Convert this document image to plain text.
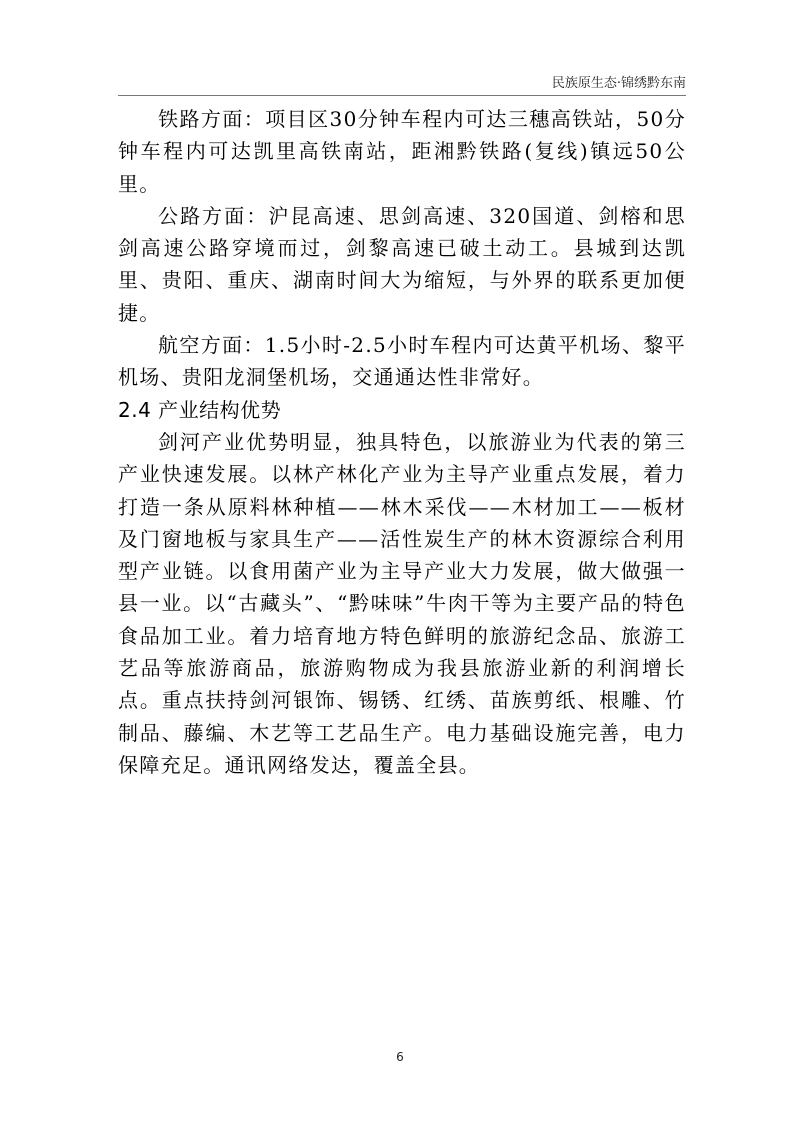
民族原生态·锦绣黔东南

铁路方面：项目区30分钟车程内可达三穗高铁站，50分钟车程内可达凯里高铁南站，距湘黔铁路(复线)镇远50公里。

公路方面：沪昆高速、思剑高速、320国道、剑榕和思剑高速公路穿境而过，剑黎高速已破土动工。县城到达凯里、贵阳、重庆、湖南时间大为缩短，与外界的联系更加便捷。

航空方面：1.5小时-2.5小时车程内可达黄平机场、黎平机场、贵阳龙洞堡机场，交通通达性非常好。

2.4 产业结构优势

剑河产业优势明显，独具特色，以旅游业为代表的第三产业快速发展。以林产林化产业为主导产业重点发展，着力打造一条从原料林种植——林木采伐——木材加工——板材及门窗地板与家具生产——活性炭生产的林木资源综合利用型产业链。以食用菌产业为主导产业大力发展，做大做强一县一业。以“古藏头”、“黔味味”牛肉干等为主要产品的特色食品加工业。着力培育地方特色鲜明的旅游纪念品、旅游工艺品等旅游商品，旅游购物成为我县旅游业新的利润增长点。重点扶持剑河银饰、锡锈、红绣、苗族剪纸、根雕、竹制品、藤编、木艺等工艺品生产。电力基础设施完善，电力保障充足。通讯网络发达，覆盖全县。

6
